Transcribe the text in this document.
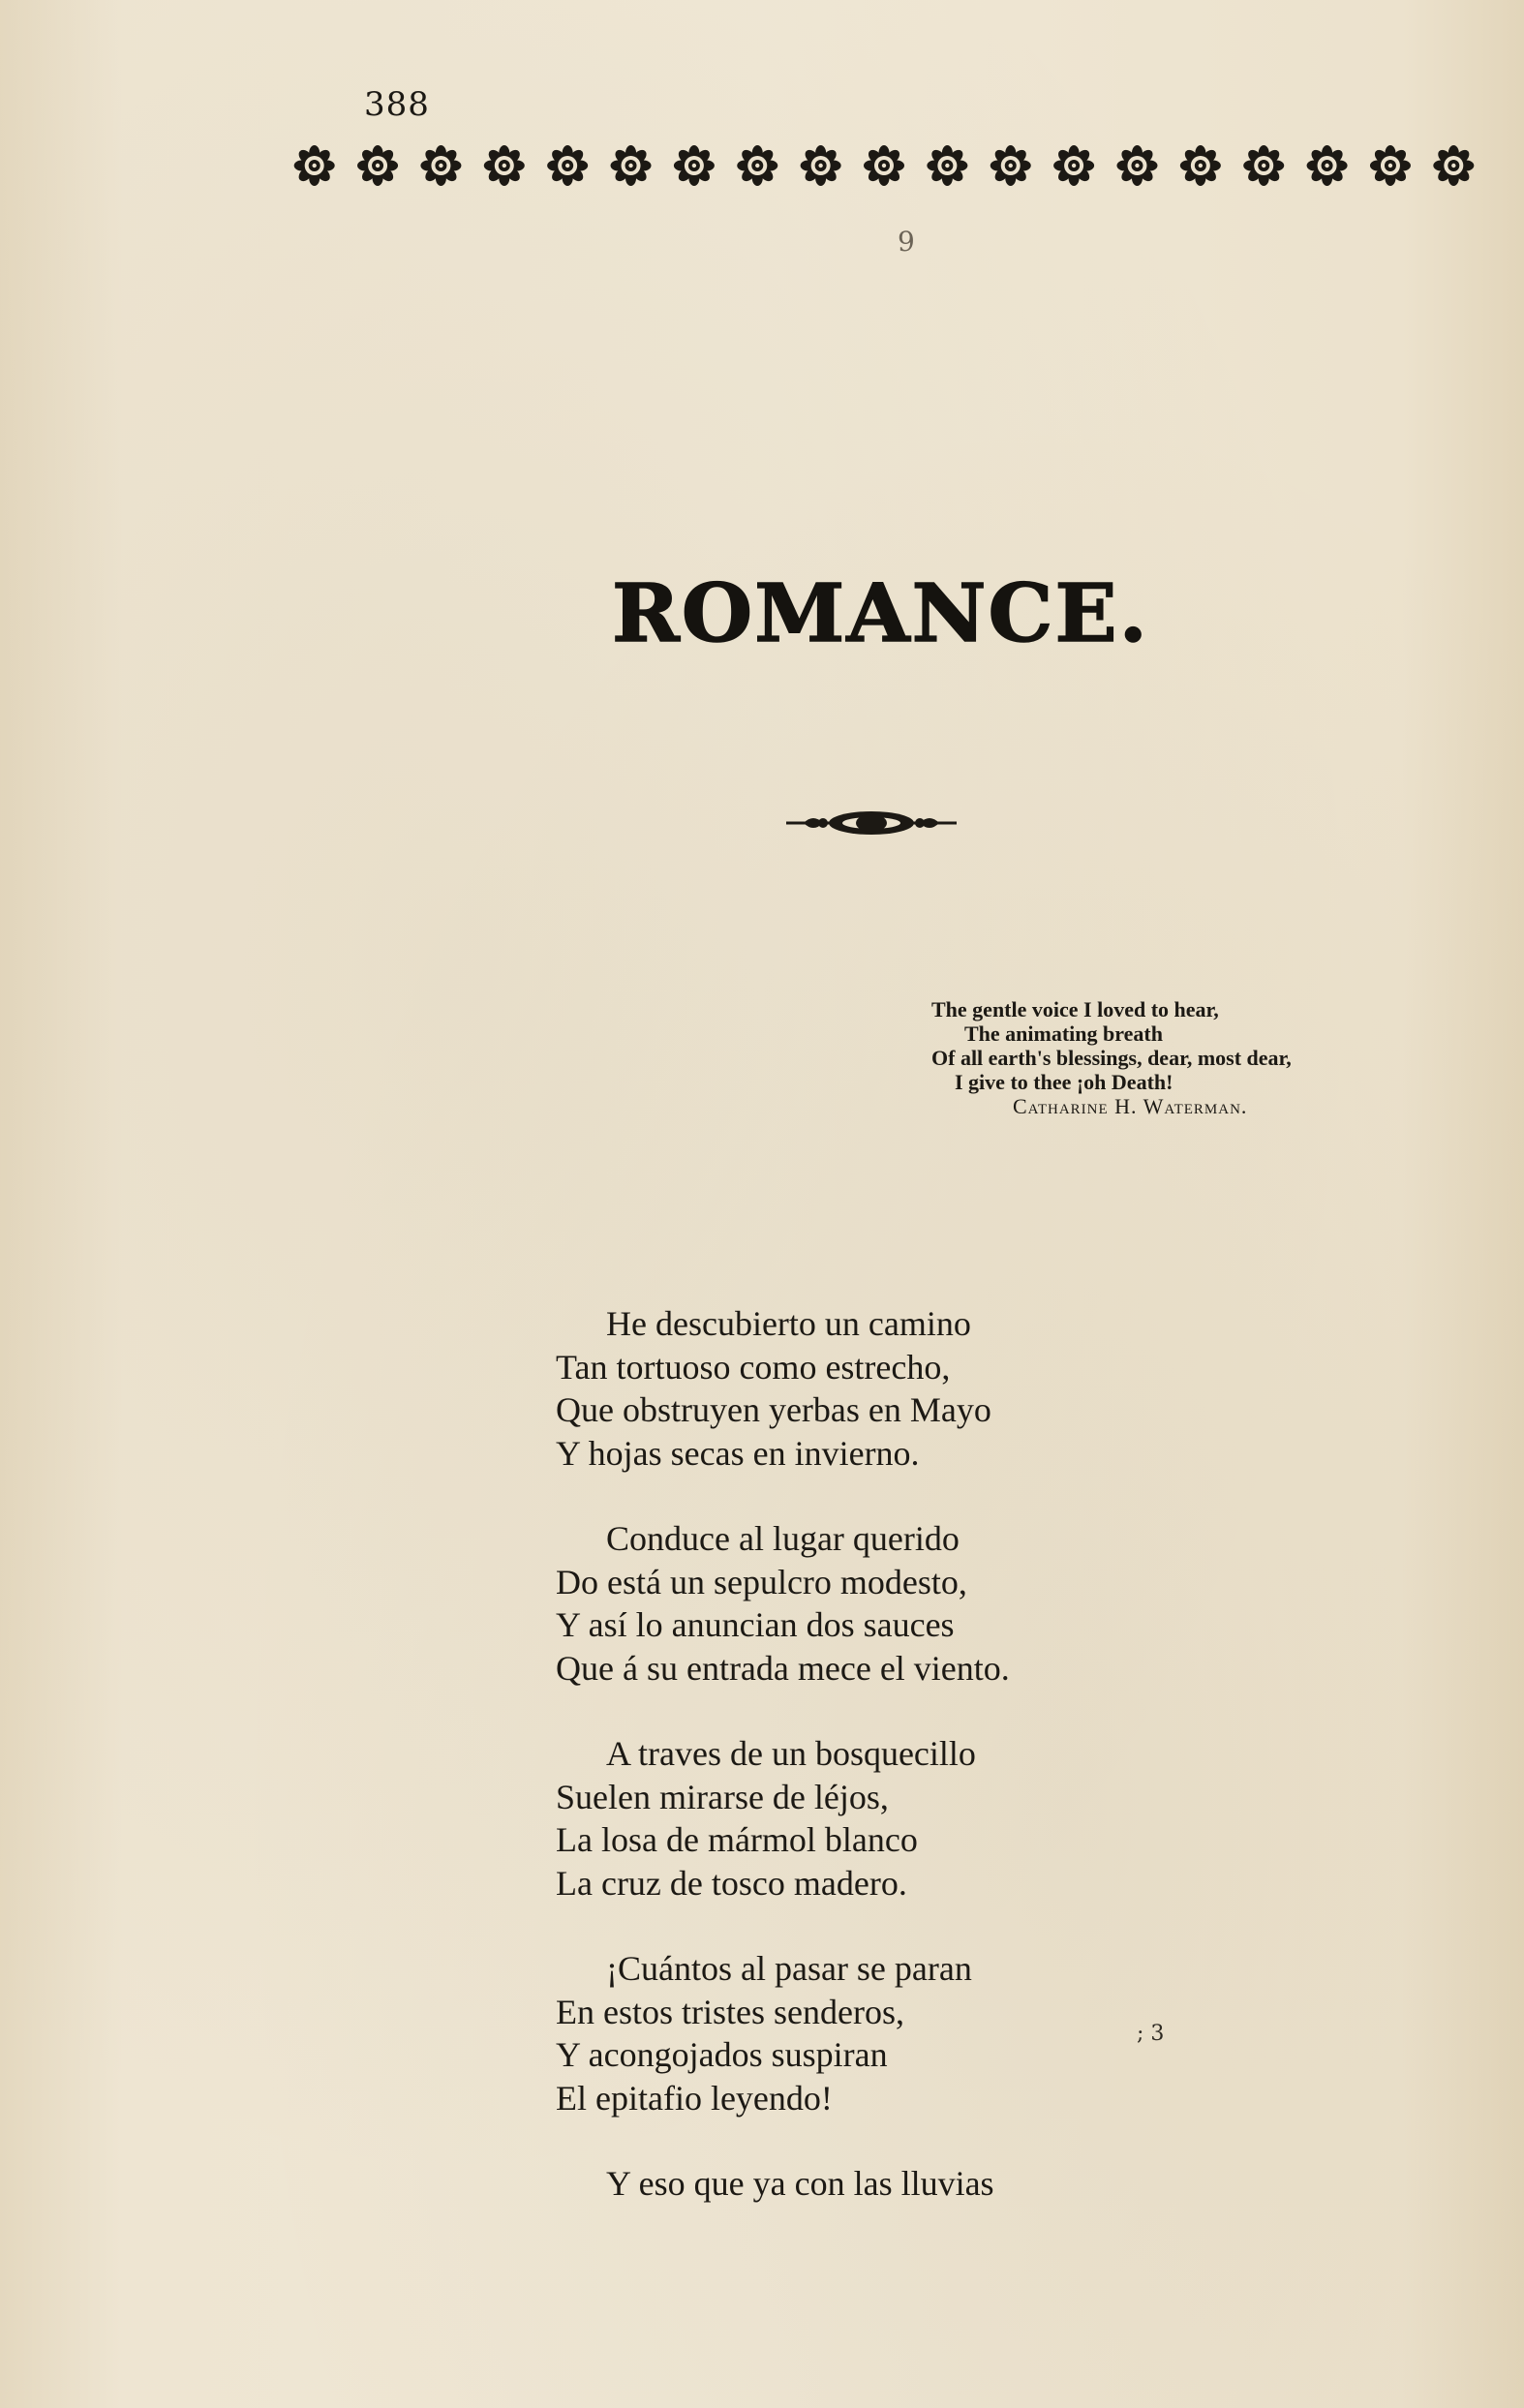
388
9
ROMANCE.
The gentle voice I loved to hear,
The animating breath
Of all earth's blessings, dear, most dear,
I give to thee ¡oh Death!
Catharine H. Waterman.
He descubierto un camino
Tan tortuoso como estrecho,
Que obstruyen yerbas en Mayo
Y hojas secas en invierno.
Conduce al lugar querido
Do está un sepulcro modesto,
Y así lo anuncian dos sauces
Que á su entrada mece el viento.
A traves de un bosquecillo
Suelen mirarse de léjos,
La losa de mármol blanco
La cruz de tosco madero.
¡Cuántos al pasar se paran
En estos tristes senderos,
Y acongojados suspiran
El epitafio leyendo!
Y eso que ya con las lluvias
; 3
